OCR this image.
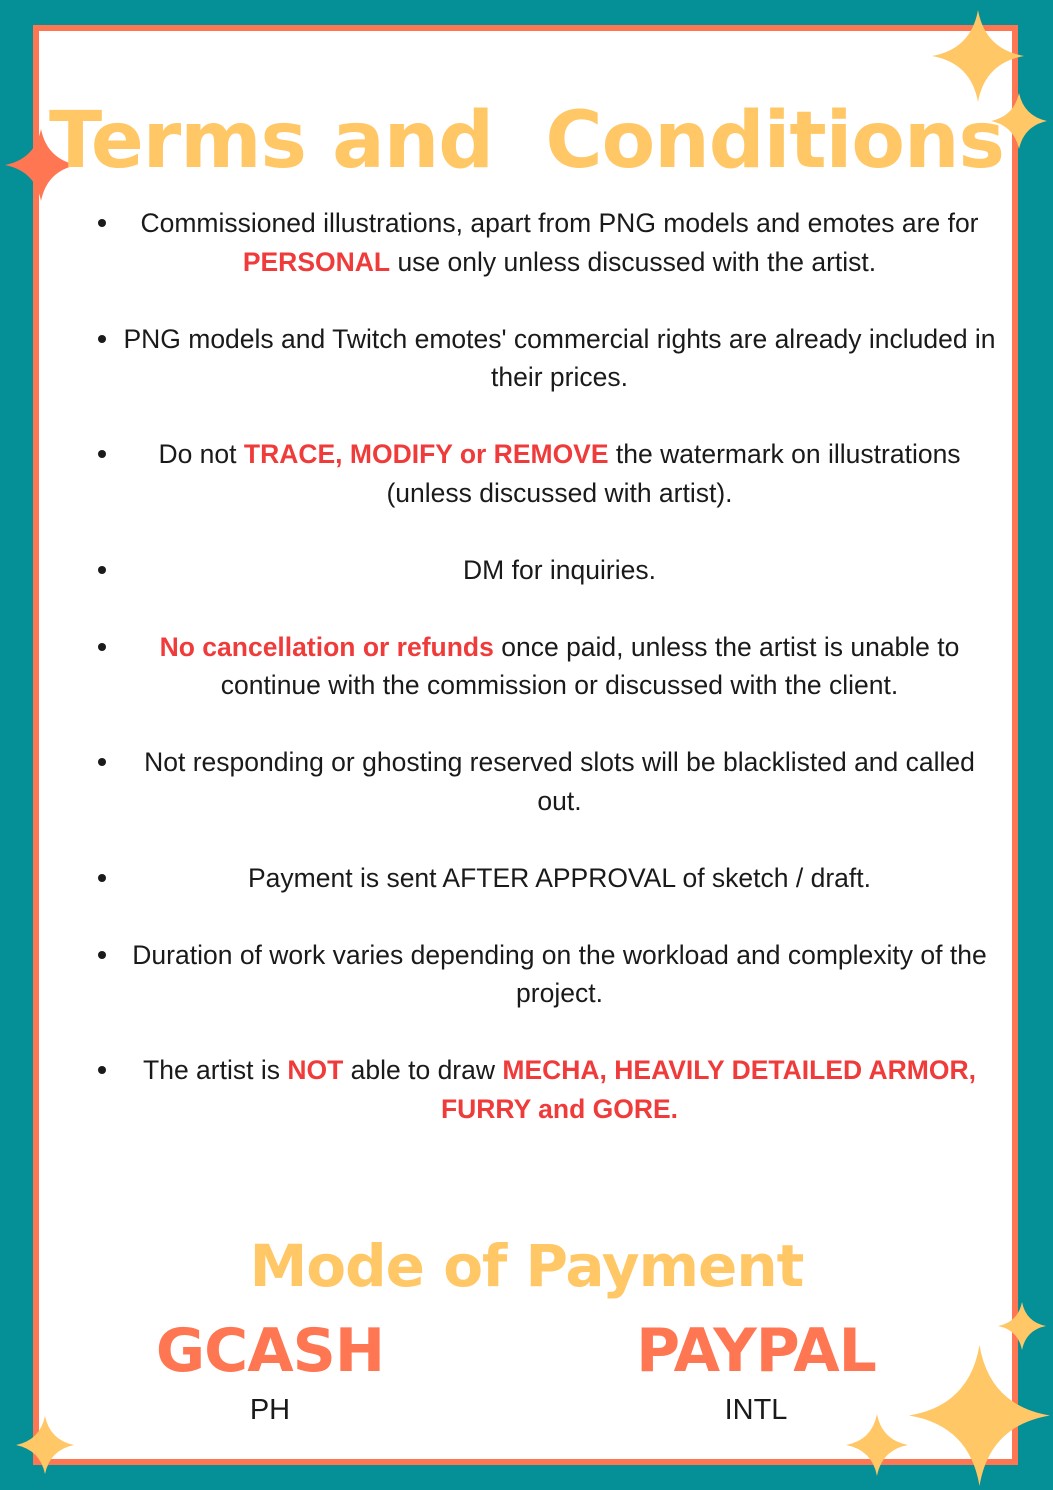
Terms and  Conditions
Commissioned illustrations, apart from PNG models and emotes are for PERSONAL use only unless discussed with the artist.
PNG models and Twitch emotes' commercial rights are already included in their prices.
Do not TRACE, MODIFY or REMOVE the watermark on illustrations (unless discussed with artist).
DM for inquiries.
No cancellation or refunds once paid, unless the artist is unable to continue with the commission or discussed with the client.
Not responding or ghosting reserved slots will be blacklisted and called out.
Payment is sent AFTER APPROVAL of sketch / draft.
Duration of work varies depending on the workload and complexity of the project.
The artist is NOT able to draw MECHA, HEAVILY DETAILED ARMOR, FURRY and GORE.
Mode of Payment
GCASH
PH
PAYPAL
INTL
